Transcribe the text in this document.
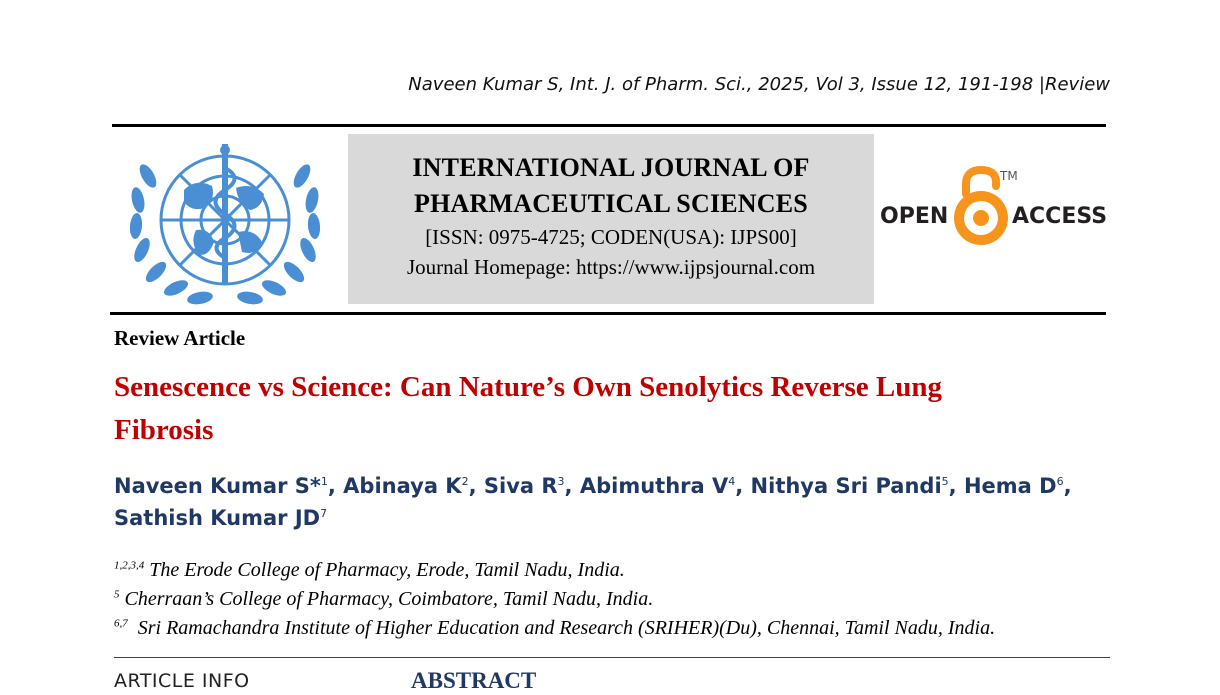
Naveen Kumar S, Int. J. of Pharm. Sci., 2025, Vol 3, Issue 12, 191-198 |Review
INTERNATIONAL JOURNAL OF
PHARMACEUTICAL SCIENCES
[ISSN: 0975-4725; CODEN(USA): IJPS00]
Journal Homepage: https://www.ijpsjournal.com
OPEN
TM
ACCESS
Review Article
Senescence vs Science: Can Nature’s Own Senolytics Reverse Lung
Fibrosis
Naveen Kumar S*$^1$, Abinaya $K^2$, Siva $R^3$, Abimuthra $V^4$, Nithya Sri Pandi$^5$, Hema $D^6$,
Sathish Kumar $JD^7$
$^{1,2,3,4}$ The Erode College of Pharmacy, Erode, Tamil Nadu, India.
$^5$ Cherraan’s College of Pharmacy, Coimbatore, Tamil Nadu, India.
$^{6,7}$  Sri Ramachandra Institute of Higher Education and Research (SRIHER)(Du), Chennai, Tamil Nadu, India.
ARTICLE INFO	ABSTRACT
